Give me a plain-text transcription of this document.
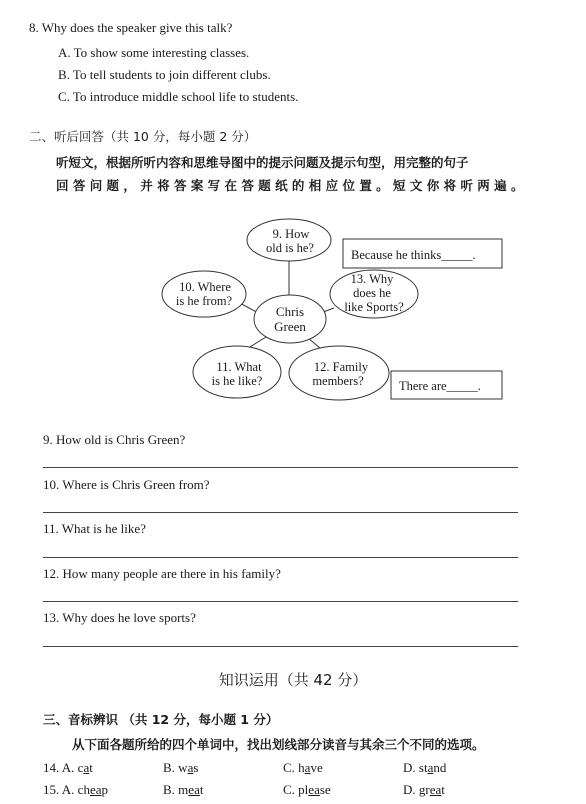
8. Why does the speaker give this talk?
A. To show some interesting classes.
B. To tell students to join different clubs.
C. To introduce middle school life to students.
二、听后回答（共 10 分，每小题 2 分）
听短文，根据所听内容和思维导图中的提示问题及提示句型，用完整的句子
回 答 问 题 ， 并 将 答 案 写 在 答 题 纸 的 相 应 位 置 。 短 文 你 将 听 两 遍 。
Chris
Green
9. How
old is he?
10. Where
is he from?
13. Why
does he
like Sports?
11. What
is he like?
12. Family
members?
Because he thinks_____.
There are_____.
9. How old is Chris Green?
10. Where is Chris Green from?
11. What is he like?
12. How many people are there in his family?
13. Why does he love sports?
知识运用（共 42 分）
三、音标辨识 （共 12 分，每小题 1 分）
从下面各题所给的四个单词中，找出划线部分读音与其余三个不同的选项。
14. A. cat	B. was	C. have	D. stand
15. A. cheap	B. meat	C. please	D. great
